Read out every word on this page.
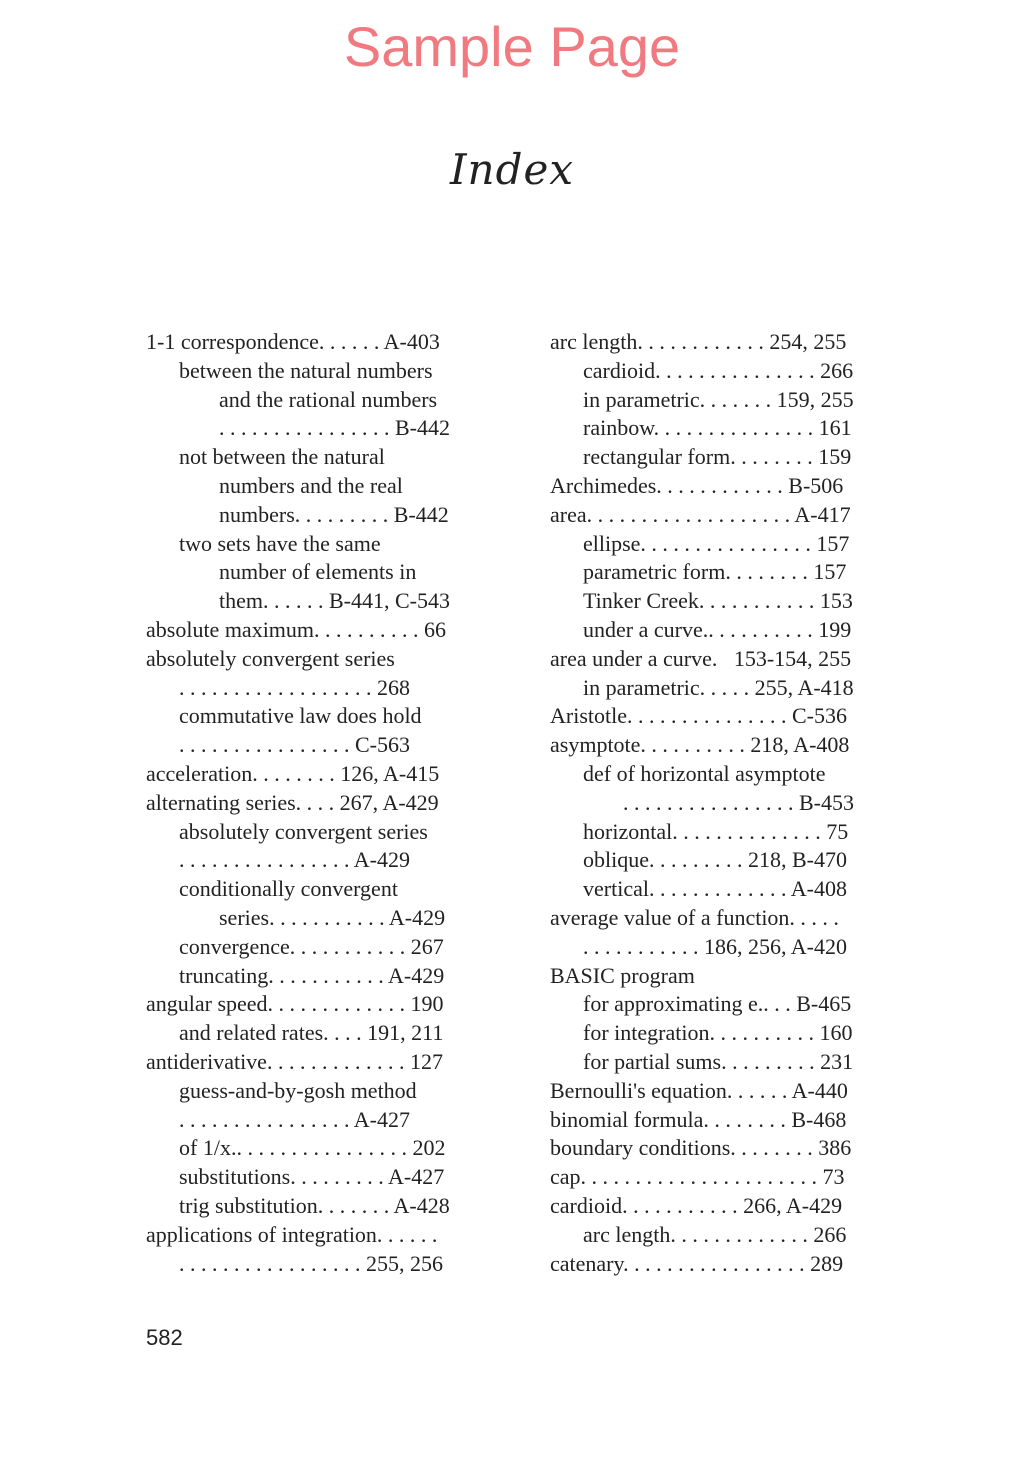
Sample Page
Index
1-1 correspondence. . . . . . A-403
between the natural numbers
and the rational numbers
. . . . . . . . . . . . . . . . B-442
not between the natural
numbers and the real
numbers. . . . . . . . . B-442
two sets have the same
number of elements in
them. . . . . . B-441, C-543
absolute maximum. . . . . . . . . . 66
absolutely convergent series
. . . . . . . . . . . . . . . . . . 268
commutative law does hold
. . . . . . . . . . . . . . . . C-563
acceleration. . . . . . . . 126, A-415
alternating series. . . . 267, A-429
absolutely convergent series
. . . . . . . . . . . . . . . . A-429
conditionally convergent
series. . . . . . . . . . . A-429
convergence. . . . . . . . . . . 267
truncating. . . . . . . . . . . A-429
angular speed. . . . . . . . . . . . . 190
and related rates. . . . 191, 211
antiderivative. . . . . . . . . . . . . 127
guess-and-by-gosh method
. . . . . . . . . . . . . . . . A-427
of 1/x.. . . . . . . . . . . . . . . . 202
substitutions. . . . . . . . . A-427
trig substitution. . . . . . . A-428
applications of integration. . . . . .
. . . . . . . . . . . . . . . . . 255, 256
arc length. . . . . . . . . . . . 254, 255
cardioid. . . . . . . . . . . . . . . 266
in parametric. . . . . . . 159, 255
rainbow. . . . . . . . . . . . . . . 161
rectangular form. . . . . . . . 159
Archimedes. . . . . . . . . . . . B-506
area. . . . . . . . . . . . . . . . . . . A-417
ellipse. . . . . . . . . . . . . . . . 157
parametric form. . . . . . . . 157
Tinker Creek. . . . . . . . . . . 153
under a curve.. . . . . . . . . . 199
area under a curve.   153-154, 255
in parametric. . . . . 255, A-418
Aristotle. . . . . . . . . . . . . . . C-536
asymptote. . . . . . . . . . 218, A-408
def of horizontal asymptote
. . . . . . . . . . . . . . . . B-453
horizontal. . . . . . . . . . . . . . 75
oblique. . . . . . . . . 218, B-470
vertical. . . . . . . . . . . . . A-408
average value of a function. . . . .
. . . . . . . . . . . 186, 256, A-420
BASIC program
for approximating e.. . . B-465
for integration. . . . . . . . . . 160
for partial sums. . . . . . . . . 231
Bernoulli's equation. . . . . . A-440
binomial formula. . . . . . . . B-468
boundary conditions. . . . . . . . 386
cap. . . . . . . . . . . . . . . . . . . . . . 73
cardioid. . . . . . . . . . . 266, A-429
arc length. . . . . . . . . . . . . 266
catenary. . . . . . . . . . . . . . . . . 289
582
